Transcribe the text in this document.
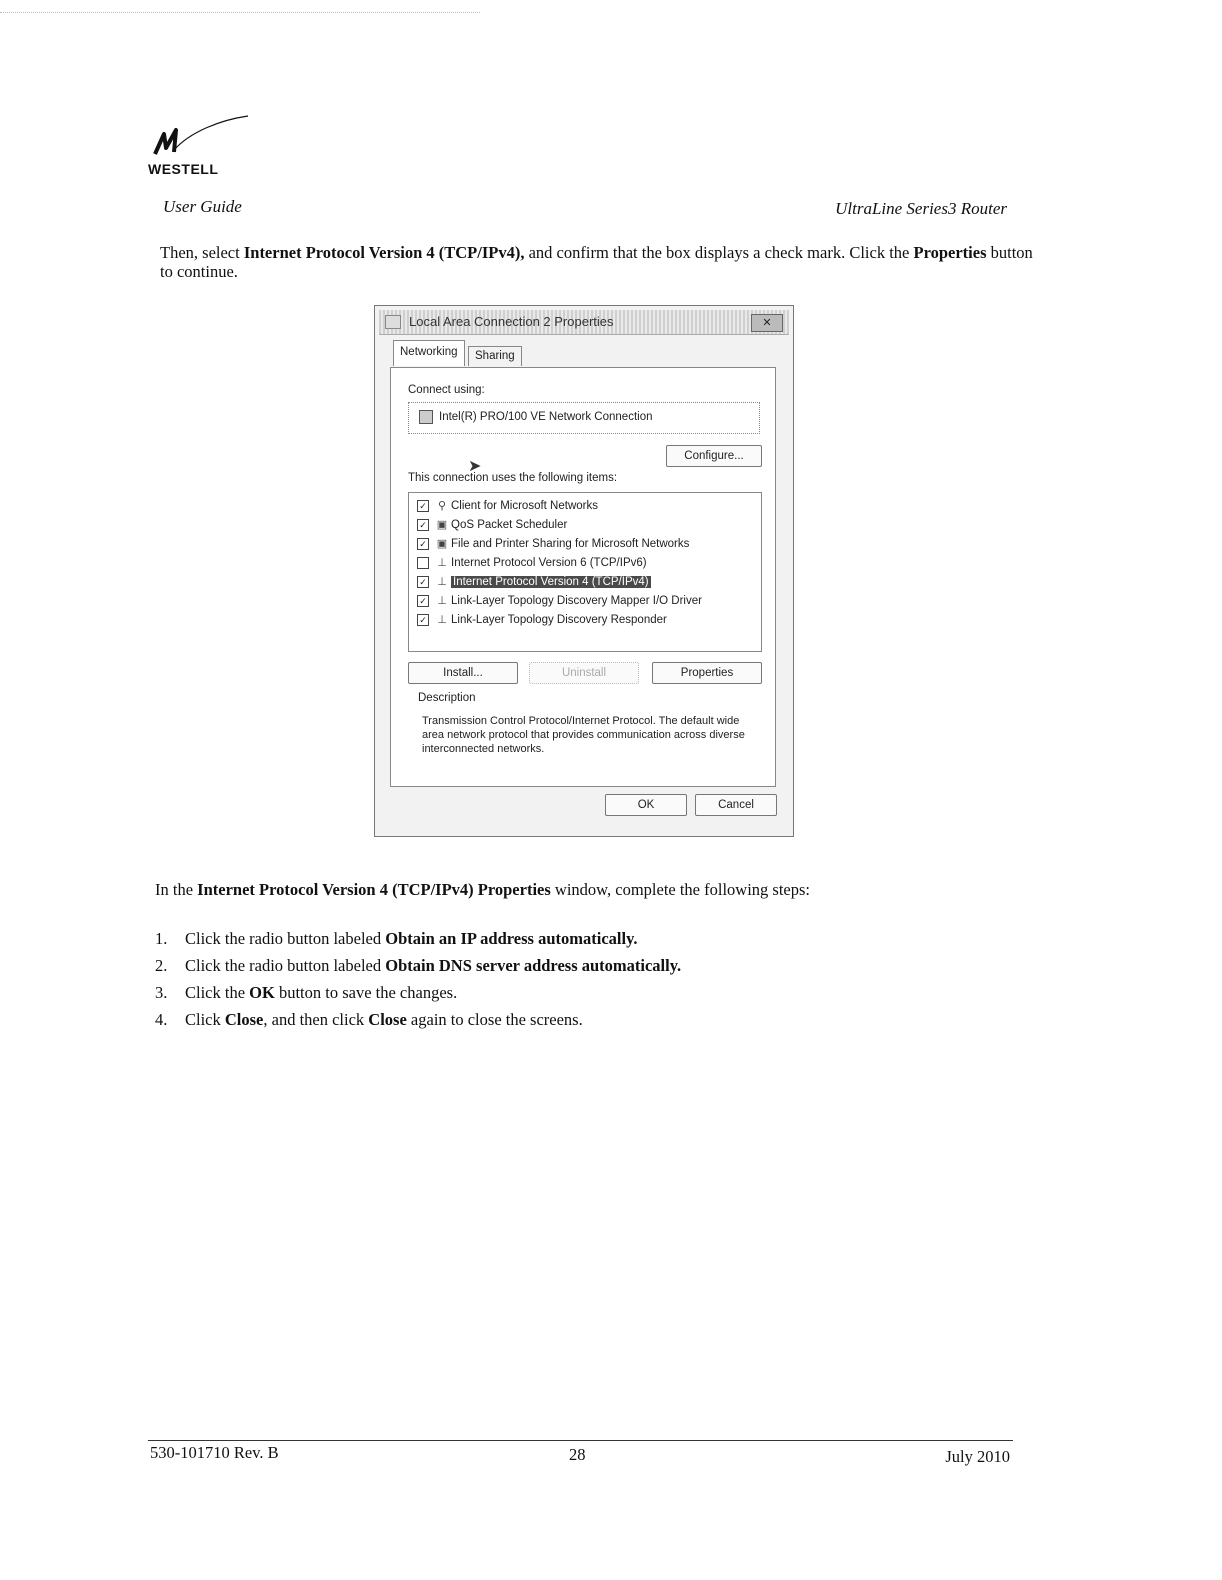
WESTELL
User Guide	UltraLine Series3 Router
Then, select Internet Protocol Version 4 (TCP/IPv4), and confirm that the box displays a check mark. Click the Properties button to continue.
Local Area Connection 2 Properties	✕
Networking	Sharing
Connect using:
Intel(R) PRO/100 VE Network Connection
Configure...
➤
This connection uses the following items:
✓ ⚲ Client for Microsoft Networks
✓ ▣ QoS Packet Scheduler
✓ ▣ File and Printer Sharing for Microsoft Networks
⊥ Internet Protocol Version 6 (TCP/IPv6)
✓ ⊥ Internet Protocol Version 4 (TCP/IPv4)
✓ ⊥ Link-Layer Topology Discovery Mapper I/O Driver
✓ ⊥ Link-Layer Topology Discovery Responder
Install...	Uninstall	Properties
Description
Transmission Control Protocol/Internet Protocol. The default wide area network protocol that provides communication across diverse interconnected networks.
OK	Cancel
In the Internet Protocol Version 4 (TCP/IPv4) Properties window, complete the following steps:
1. Click the radio button labeled Obtain an IP address automatically.
2. Click the radio button labeled Obtain DNS server address automatically.
3. Click the OK button to save the changes.
4. Click Close, and then click Close again to close the screens.
530-101710 Rev. B	28	July 2010
